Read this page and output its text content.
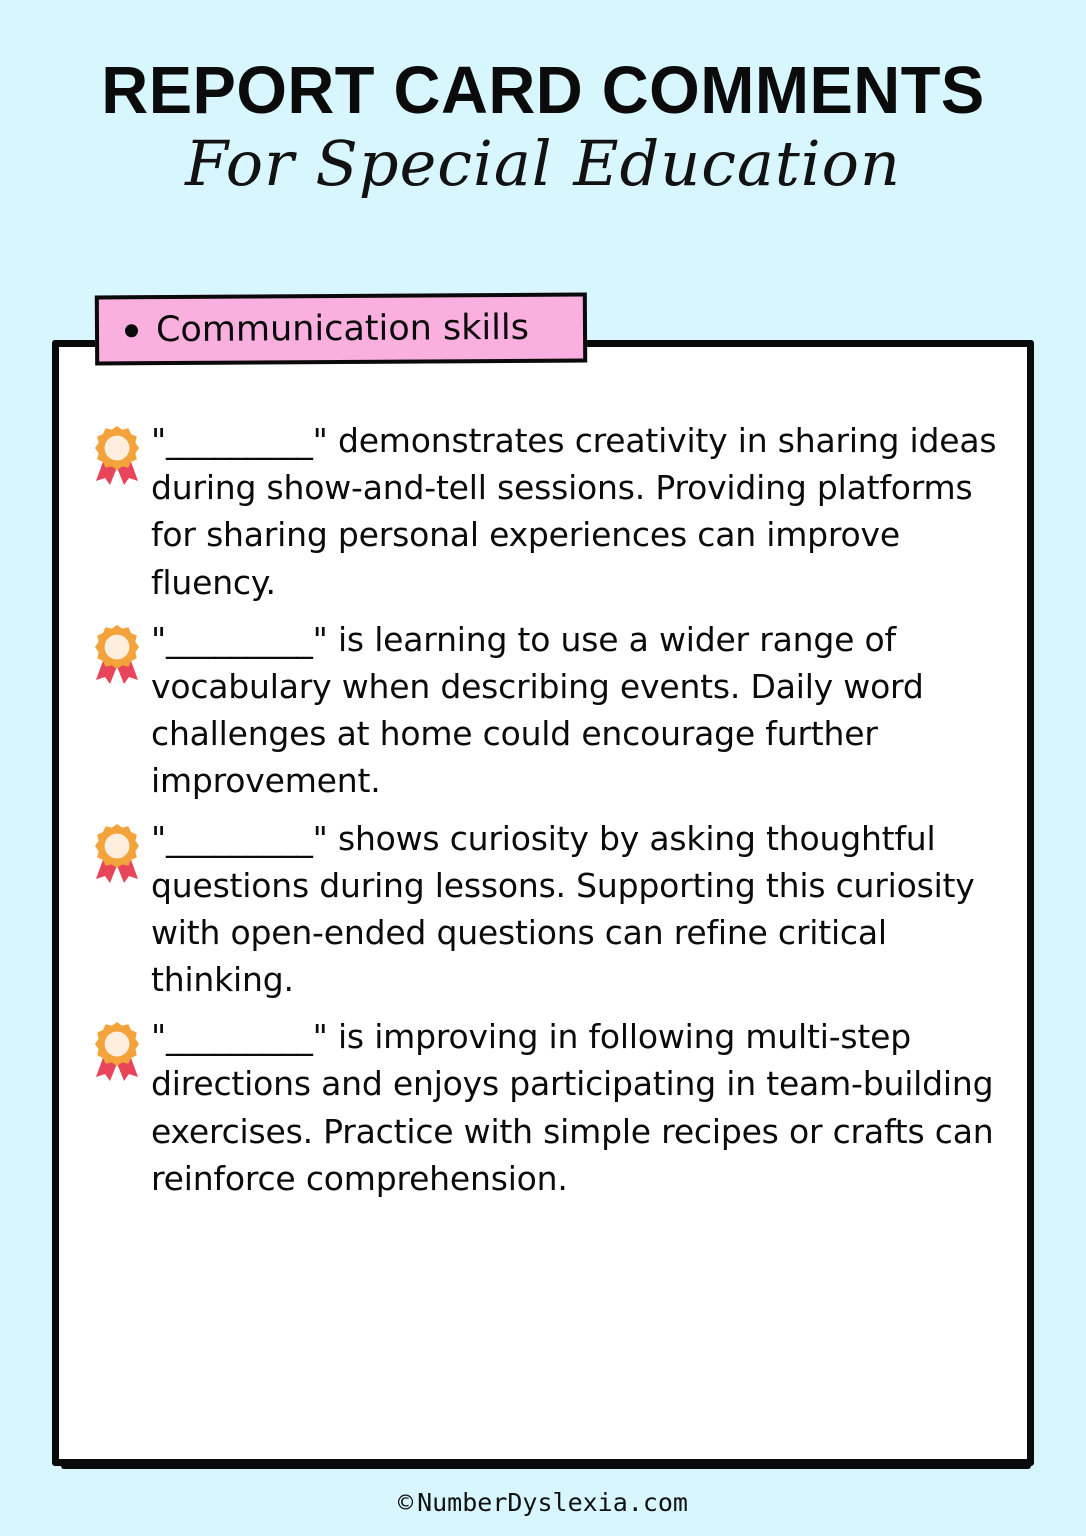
REPORT CARD COMMENTS
For Special Education
Communication skills
"_________" demonstrates creativity in sharing ideas during show-and-tell sessions. Providing platforms for sharing personal experiences can improve fluency.
"_________" is learning to use a wider range of vocabulary when describing events. Daily word challenges at home could encourage further improvement.
"_________" shows curiosity by asking thoughtful questions during lessons. Supporting this curiosity with open-ended questions can refine critical thinking.
"_________" is improving in following multi-step directions and enjoys participating in team-building exercises. Practice with simple recipes or crafts can reinforce comprehension.
© NumberDyslexia.com
